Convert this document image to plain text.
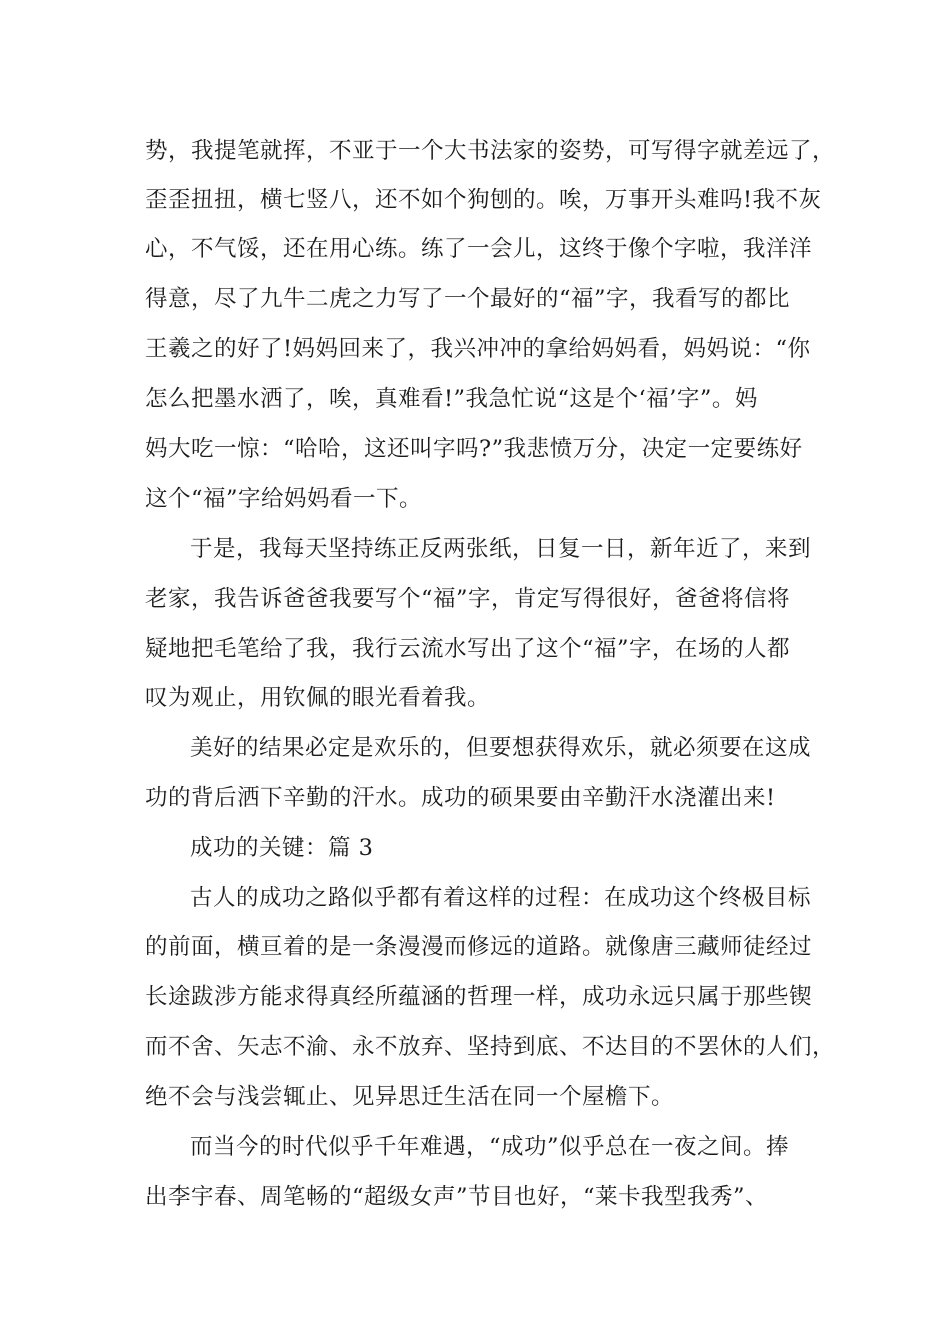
势，我提笔就挥，不亚于一个大书法家的姿势，可写得字就差远了，
歪歪扭扭，横七竖八，还不如个狗刨的。唉，万事开头难吗!我不灰
心，不气馁，还在用心练。练了一会儿，这终于像个字啦，我洋洋
得意，尽了九牛二虎之力写了一个最好的“福”字，我看写的都比
王羲之的好了!妈妈回来了，我兴冲冲的拿给妈妈看，妈妈说：“你
怎么把墨水洒了，唉，真难看!”我急忙说“这是个‘福’字”。妈
妈大吃一惊：“哈哈，这还叫字吗?”我悲愤万分，决定一定要练好
这个“福”字给妈妈看一下。
于是，我每天坚持练正反两张纸，日复一日，新年近了，来到
老家，我告诉爸爸我要写个“福”字，肯定写得很好，爸爸将信将
疑地把毛笔给了我，我行云流水写出了这个“福”字，在场的人都
叹为观止，用钦佩的眼光看着我。
美好的结果必定是欢乐的，但要想获得欢乐，就必须要在这成
功的背后洒下辛勤的汗水。成功的硕果要由辛勤汗水浇灌出来!
成功的关键：篇 3
古人的成功之路似乎都有着这样的过程：在成功这个终极目标
的前面，横亘着的是一条漫漫而修远的道路。就像唐三藏师徒经过
长途跋涉方能求得真经所蕴涵的哲理一样，成功永远只属于那些锲
而不舍、矢志不渝、永不放弃、坚持到底、不达目的不罢休的人们，
绝不会与浅尝辄止、见异思迁生活在同一个屋檐下。
而当今的时代似乎千年难遇，“成功”似乎总在一夜之间。捧
出李宇春、周笔畅的“超级女声”节目也好，“莱卡我型我秀”、
